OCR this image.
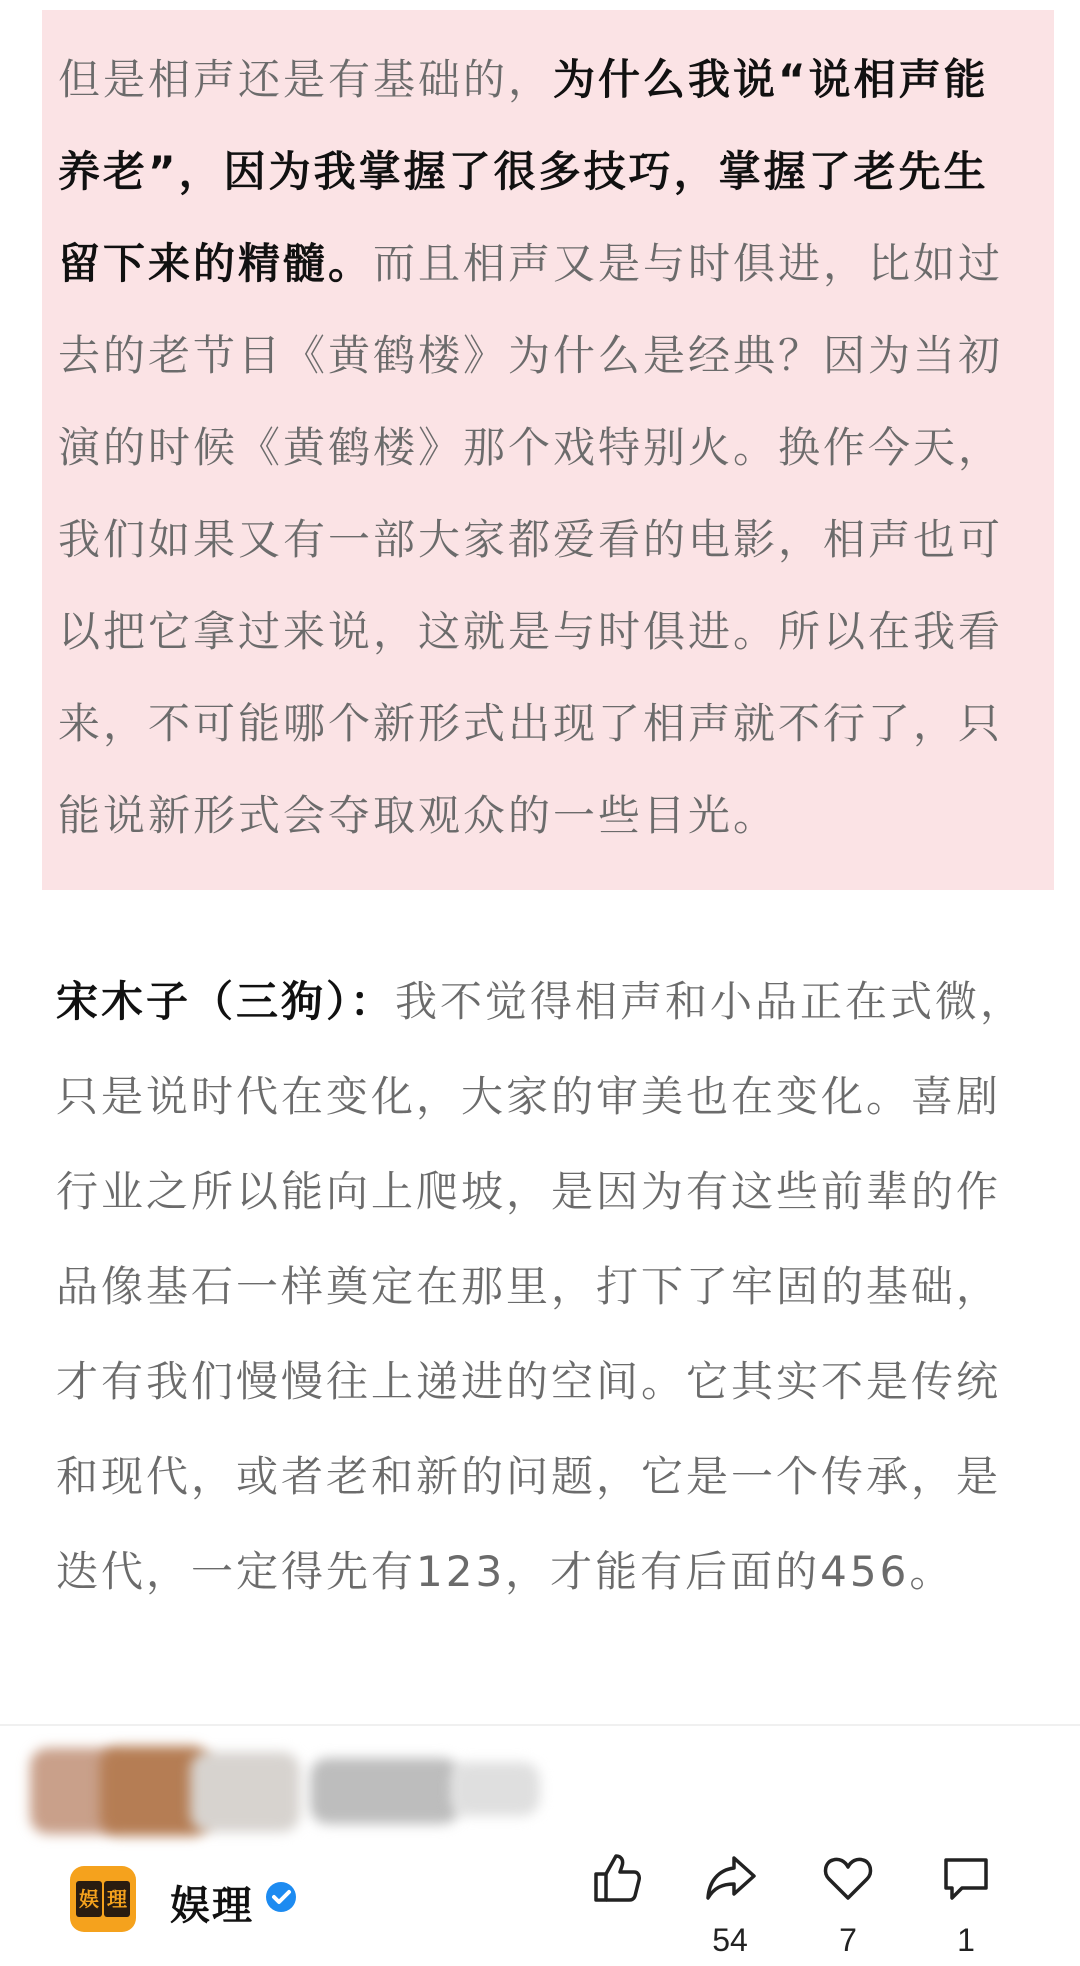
但是相声还是有基础的，为什么我说“说相声能养老”，因为我掌握了很多技巧，掌握了老先生留下来的精髓。而且相声又是与时俱进，比如过去的老节目《黄鹤楼》为什么是经典？因为当初演的时候《黄鹤楼》那个戏特别火。换作今天，我们如果又有一部大家都爱看的电影，相声也可以把它拿过来说，这就是与时俱进。所以在我看来，不可能哪个新形式出现了相声就不行了，只能说新形式会夺取观众的一些目光。

宋木子（三狗）：我不觉得相声和小品正在式微，只是说时代在变化，大家的审美也在变化。喜剧行业之所以能向上爬坡，是因为有这些前辈的作品像基石一样奠定在那里，打下了牢固的基础，才有我们慢慢往上递进的空间。它其实不是传统和现代，或者老和新的问题，它是一个传承，是迭代，一定得先有123，才能有后面的456。
娱 理 娱理
54	7	1
